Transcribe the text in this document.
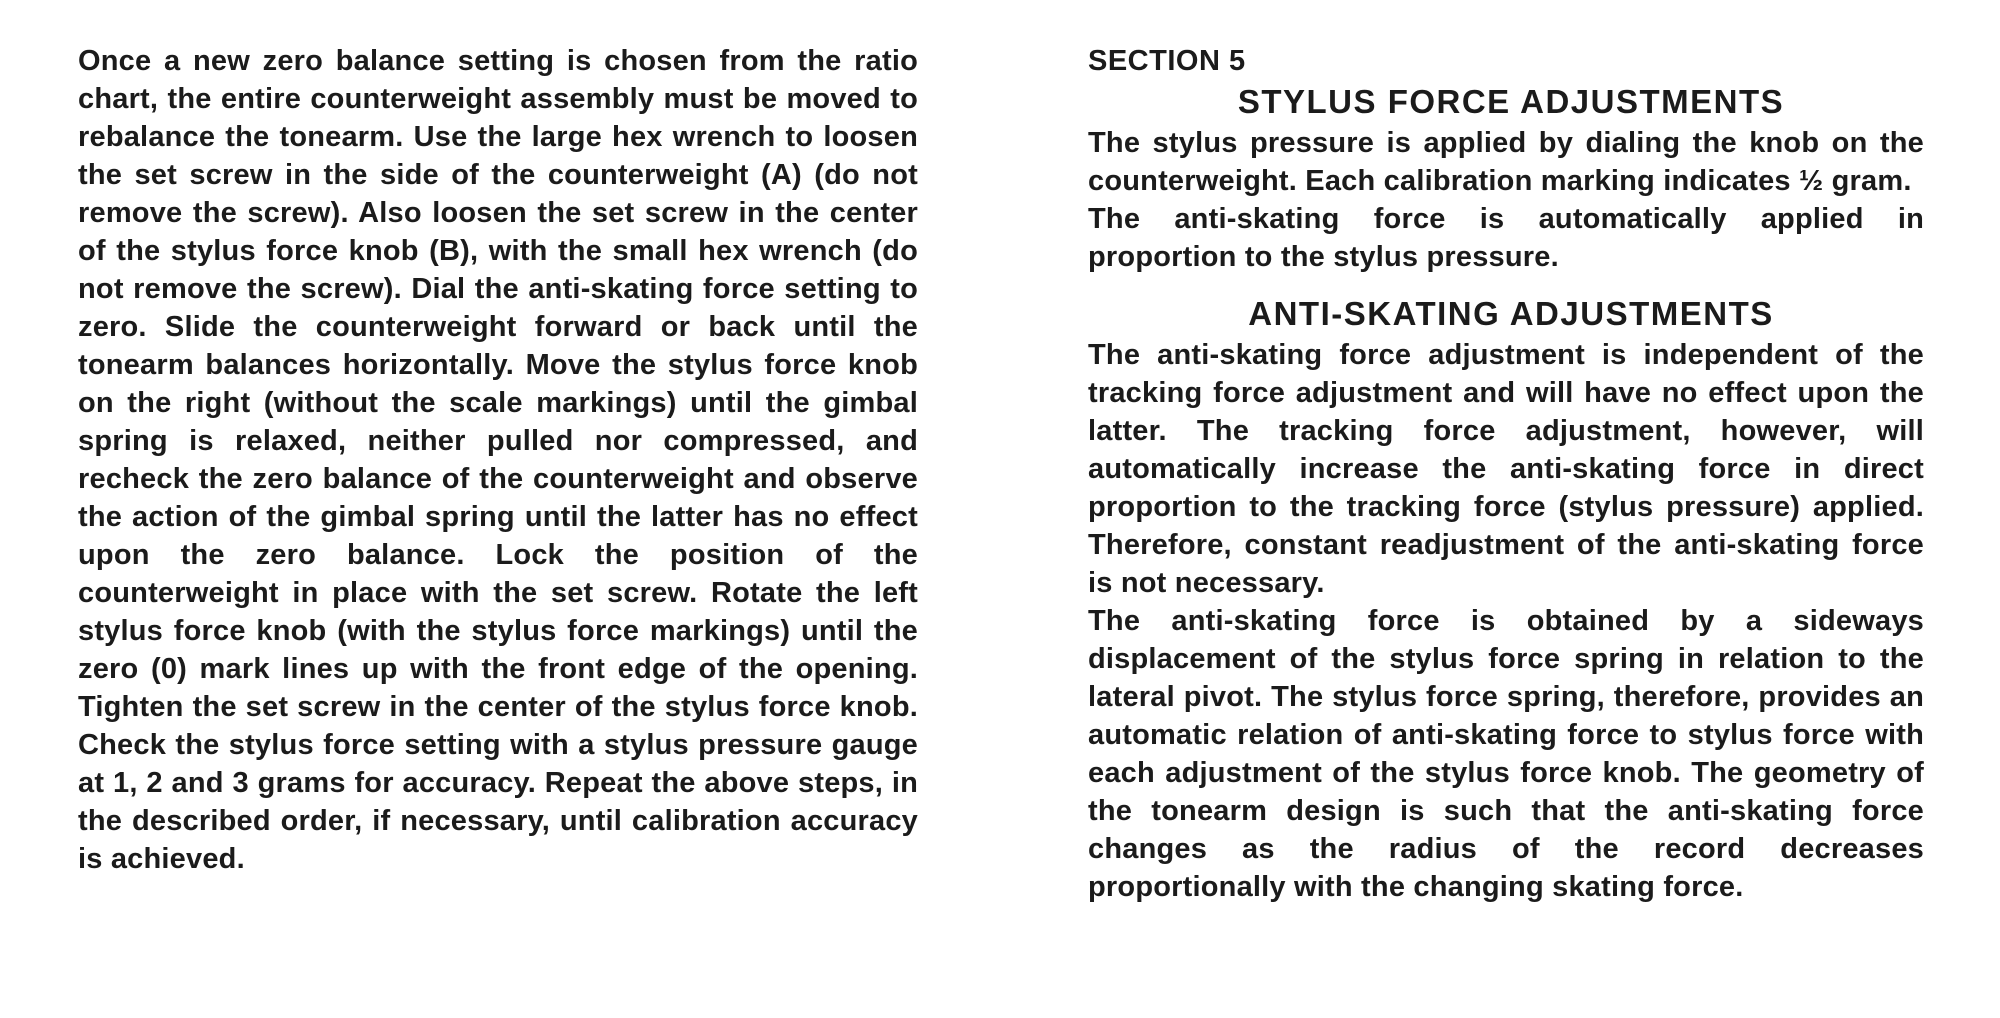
Once a new zero balance setting is chosen from the ratio chart, the entire counterweight assembly must be moved to rebalance the tonearm. Use the large hex wrench to loosen the set screw in the side of the counterweight (A) (do not remove the screw). Also loosen the set screw in the center of the stylus force knob (B), with the small hex wrench (do not remove the screw). Dial the anti-skating force setting to zero. Slide the counterweight forward or back until the tonearm balances horizontally. Move the stylus force knob on the right (without the scale markings) until the gimbal spring is relaxed, neither pulled nor compressed, and recheck the zero balance of the counterweight and observe the action of the gimbal spring until the latter has no effect upon the zero balance. Lock the position of the counterweight in place with the set screw. Rotate the left stylus force knob (with the stylus force markings) until the zero (0) mark lines up with the front edge of the opening. Tighten the set screw in the center of the stylus force knob. Check the stylus force setting with a stylus pressure gauge at 1, 2 and 3 grams for accuracy. Repeat the above steps, in the described order, if necessary, until calibration accuracy is achieved.

SECTION 5

STYLUS FORCE ADJUSTMENTS

The stylus pressure is applied by dialing the knob on the counterweight. Each calibration marking indicates ½ gram.

The anti-skating force is automatically applied in proportion to the stylus pressure.

ANTI-SKATING ADJUSTMENTS

The anti-skating force adjustment is independent of the tracking force adjustment and will have no effect upon the latter. The tracking force adjustment, however, will automatically increase the anti-skating force in direct proportion to the tracking force (stylus pressure) applied. Therefore, constant readjustment of the anti-skating force is not necessary.

The anti-skating force is obtained by a sideways displacement of the stylus force spring in relation to the lateral pivot. The stylus force spring, therefore, provides an automatic relation of anti-skating force to stylus force with each adjustment of the stylus force knob. The geometry of the tonearm design is such that the anti-skating force changes as the radius of the record decreases proportionally with the changing skating force.
